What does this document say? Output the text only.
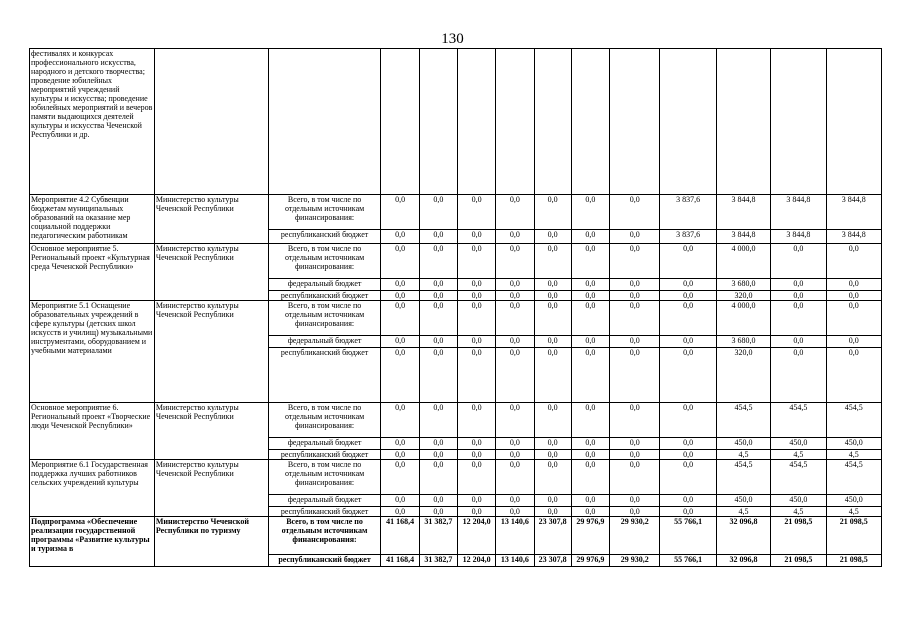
130
фестивалях и конкурсах профессионального искусства, народного и детского творчества; проведение юбилейных мероприятий учреждений культуры и искусства; проведение юбилейных мероприятий и вечеров памяти выдающихся деятелей культуры и искусства Чеченской Республики и др.													
Мероприятие 4.2 Субвенции бюджетам муниципальных образований на оказание мер социальной поддержки педагогическим работникам	Министерство культуры Чеченской Республики	Всего, в том числе по отдельным источникам финансирования:	0,0	0,0	0,0	0,0	0,0	0,0	0,0	3 837,6	3 844,8	3 844,8	3 844,8
		республиканский бюджет	0,0	0,0	0,0	0,0	0,0	0,0	0,0	3 837,6	3 844,8	3 844,8	3 844,8
Основное мероприятие 5. Региональный проект «Культурная среда Чеченской Республики»	Министерство культуры Чеченской Республики	Всего, в том числе по отдельным источникам финансирования:	0,0	0,0	0,0	0,0	0,0	0,0	0,0	0,0	4 000,0	0,0	0,0
		федеральный бюджет	0,0	0,0	0,0	0,0	0,0	0,0	0,0	0,0	3 680,0	0,0	0,0
		республиканский бюджет	0,0	0,0	0,0	0,0	0,0	0,0	0,0	0,0	320,0	0,0	0,0
Мероприятие 5.1 Оснащение образовательных учреждений в сфере культуры (детских школ искусств и училищ) музыкальными инструментами, оборудованием и учебными материалами	Министерство культуры Чеченской Республики	Всего, в том числе по отдельным источникам финансирования:	0,0	0,0	0,0	0,0	0,0	0,0	0,0	0,0	4 000,0	0,0	0,0
		федеральный бюджет	0,0	0,0	0,0	0,0	0,0	0,0	0,0	0,0	3 680,0	0,0	0,0
		республиканский бюджет	0,0	0,0	0,0	0,0	0,0	0,0	0,0	0,0	320,0	0,0	0,0
Основное мероприятие 6. Региональный проект «Творческие люди Чеченской Республики»	Министерство культуры Чеченской Республики	Всего, в том числе по отдельным источникам финансирования:	0,0	0,0	0,0	0,0	0,0	0,0	0,0	0,0	454,5	454,5	454,5
		федеральный бюджет	0,0	0,0	0,0	0,0	0,0	0,0	0,0	0,0	450,0	450,0	450,0
		республиканский бюджет	0,0	0,0	0,0	0,0	0,0	0,0	0,0	0,0	4,5	4,5	4,5
Мероприятие 6.1 Государственная поддержка лучших работников сельских учреждений культуры	Министерство культуры Чеченской Республики	Всего, в том числе по отдельным источникам финансирования:	0,0	0,0	0,0	0,0	0,0	0,0	0,0	0,0	454,5	454,5	454,5
		федеральный бюджет	0,0	0,0	0,0	0,0	0,0	0,0	0,0	0,0	450,0	450,0	450,0
		республиканский бюджет	0,0	0,0	0,0	0,0	0,0	0,0	0,0	0,0	4,5	4,5	4,5
Подпрограмма «Обеспечение реализации государственной программы «Развитие культуры и туризма в	Министерство Чеченской Республики по туризму	Всего, в том числе по отдельным источникам финансирования:	41 168,4	31 382,7	12 204,0	13 140,6	23 307,8	29 976,9	29 930,2	55 766,1	32 096,8	21 098,5	21 098,5
		республиканский бюджет	41 168,4	31 382,7	12 204,0	13 140,6	23 307,8	29 976,9	29 930,2	55 766,1	32 096,8	21 098,5	21 098,5
